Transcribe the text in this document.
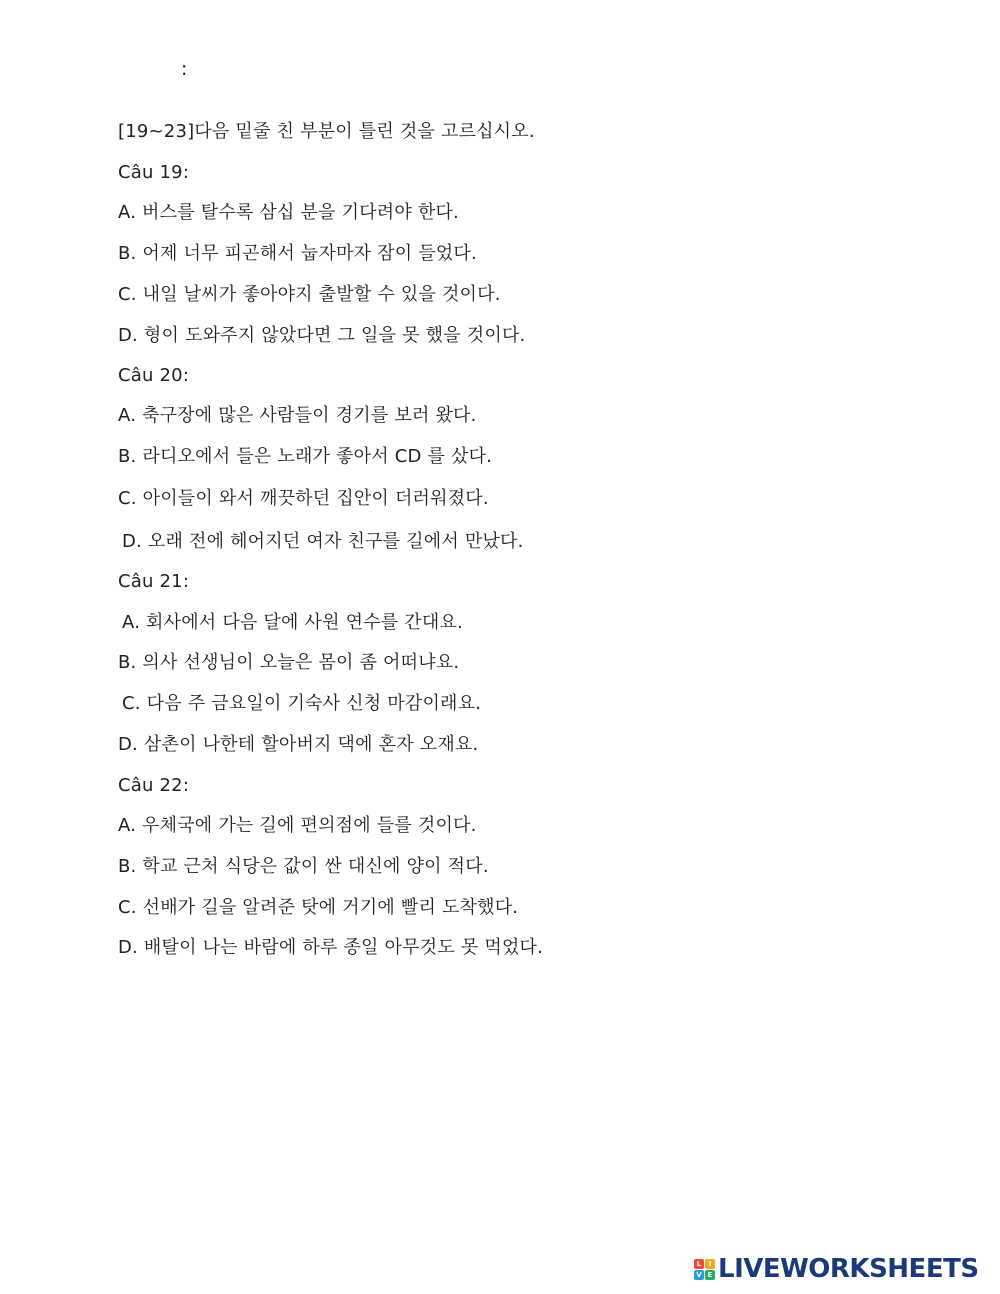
:
[19~23]다음 밑줄 친 부분이 틀린 것을 고르십시오.
Câu 19:
A. 버스를 탈수록 삼십 분을 기다려야 한다.
B. 어제 너무 피곤해서 눕자마자 잠이 들었다.
C. 내일 날씨가 좋아야지 출발할 수 있을 것이다.
D. 형이 도와주지 않았다면 그 일을 못 했을 것이다.
Câu 20:
A. 축구장에 많은 사람들이 경기를 보러 왔다.
B. 라디오에서 들은 노래가 좋아서 CD 를 샀다.
C. 아이들이 와서 깨끗하던 집안이 더러워졌다.
D. 오래 전에 헤어지던 여자 친구를 길에서 만났다.
Câu 21:
A. 회사에서 다음 달에 사원 연수를 간대요.
B. 의사 선생님이 오늘은 몸이 좀 어떠냐요.
C. 다음 주 금요일이 기숙사 신청 마감이래요.
D. 삼촌이 나한테 할아버지 댁에 혼자 오재요.
Câu 22:
A. 우체국에 가는 길에 편의점에 들를 것이다.
B. 학교 근처 식당은 값이 싼 대신에 양이 적다.
C. 선배가 길을 알려준 탓에 거기에 빨리 도착했다.
D. 배탈이 나는 바람에 하루 종일 아무것도 못 먹었다.
L	I
V E LIVEWORKSHEETS
